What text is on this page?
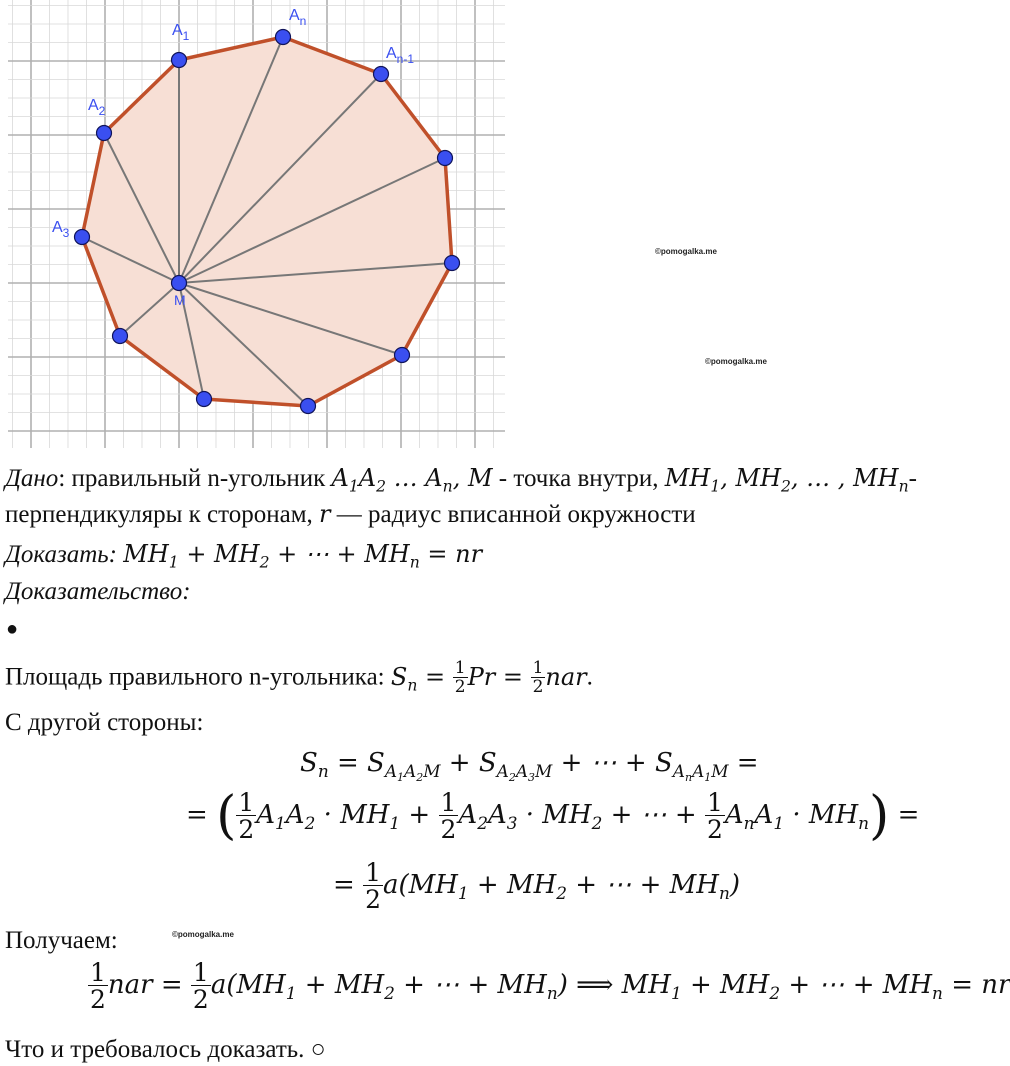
$A_1$
$A_n$
$A_{n-1}$
$A_2$
$A_3$
M
©pomogalka.me
©pomogalka.me
©pomogalka.me
Дано: правильный n-угольник $A_1A_2$ … $A_n$, M - точка внутри, $MH_1$, $MH_2$, … , $MH_n-$
перпендикуляры к сторонам, r — радиус вписанной окружности
Доказать: $MH_1 + MH_2$ + ⋯ + $MH_n$ = nr
Доказательство:
●
Площадь правильного n-угольника: $S_n = \frac{1}{2}$ $Pr = \frac{1}{2}$ nar.
С другой стороны:
$S_n = S_{A_1A_2M} + S_{A_2A_3M}$ + ⋯ + $S_{A_nA_1M}$ =
= ( $\frac{1}{2} A_1A_2 \cdot MH_1 + \frac{1}{2} A_2A_3 \cdot MH_2$ + ⋯ + $\frac{1}{2} A_nA_1 \cdot MH_n$) =
= $\frac{1}{2} a(MH_1 + MH_2$ + ⋯ + $MH_n$)
Получаем:
$\frac{1}{2}$ nar = $\frac{1}{2} a(MH_1 + MH_2$ + ⋯ + $MH_n$) ⟹ $MH_1 + MH_2$ + ⋯ + $MH_n$ = nr
Что и требовалось доказать. ○
